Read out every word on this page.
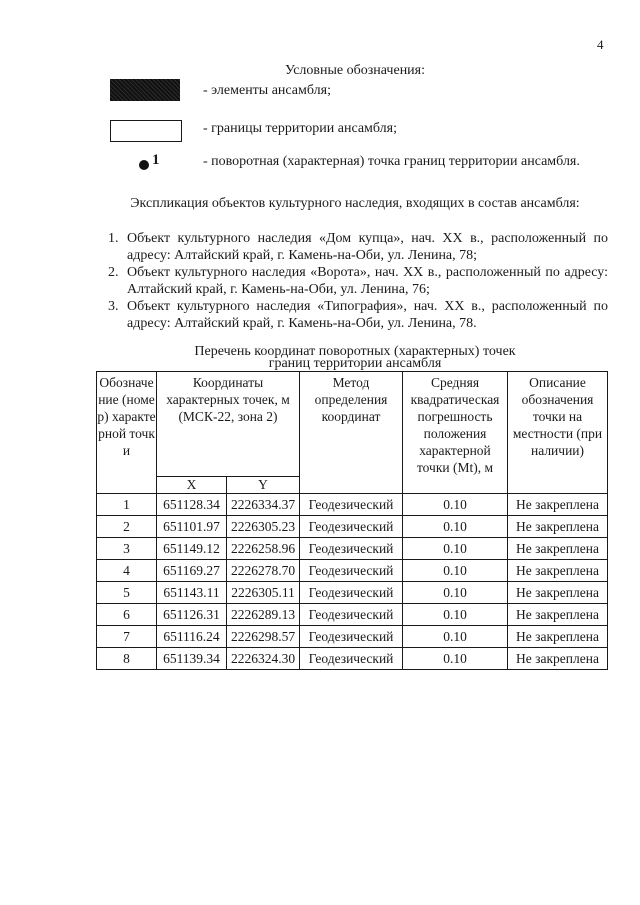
4
Условные обозначения:
- элементы ансамбля;
- границы территории ансамбля;
1	- поворотная (характерная) точка границ территории ансамбля.
Экспликация объектов культурного наследия, входящих в состав ансамбля:
1. Объект культурного наследия «Дом купца», нач. XX в., расположенный по адресу: Алтайский край, г. Камень-на-Оби, ул. Ленина, 78;
2. Объект культурного наследия «Ворота», нач. XX в., расположенный по адресу: Алтайский край, г. Камень-на-Оби, ул. Ленина, 76;
3. Объект культурного наследия «Типография», нач. XX в., расположенный по адресу: Алтайский край, г. Камень-на-Оби, ул. Ленина, 78.
Перечень координат поворотных (характерных) точек
границ территории ансамбля
Обозначение (номер) характерной точки	Координаты характерных точек, м (МСК-22, зона 2)		Метод определения координат	Средняя квадратическая погрешность положения характерной точки (Mt), м	Описание обозначения точки на местности (при наличии)
	X	Y			
1	651128.34	2226334.37	Геодезический	0.10	Не закреплена
2	651101.97	2226305.23	Геодезический	0.10	Не закреплена
3	651149.12	2226258.96	Геодезический	0.10	Не закреплена
4	651169.27	2226278.70	Геодезический	0.10	Не закреплена
5	651143.11	2226305.11	Геодезический	0.10	Не закреплена
6	651126.31	2226289.13	Геодезический	0.10	Не закреплена
7	651116.24	2226298.57	Геодезический	0.10	Не закреплена
8	651139.34	2226324.30	Геодезический	0.10	Не закреплена
